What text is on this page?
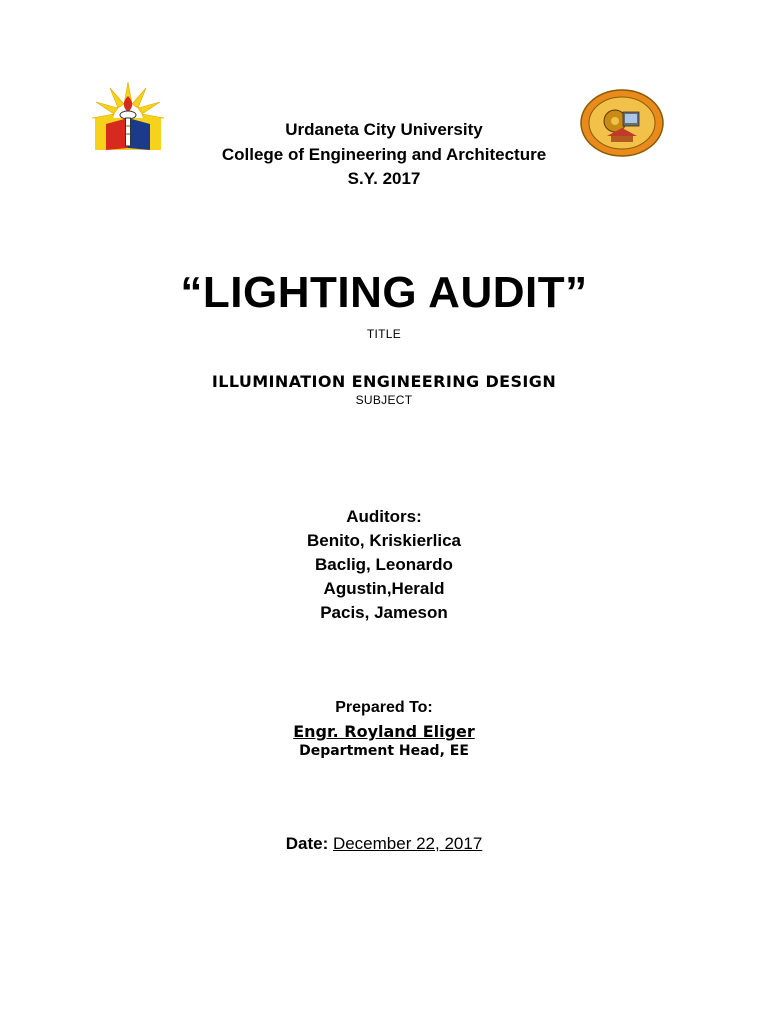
Urdaneta City University
College of Engineering and Architecture
S.Y. 2017
“LIGHTING AUDIT”
TITLE
ILLUMINATION ENGINEERING DESIGN
SUBJECT
Auditors:
Benito, Kriskierlica
Baclig, Leonardo
Agustin,Herald
Pacis, Jameson
Prepared To:
Engr. Royland Eliger
Department Head, EE
Date: December 22, 2017
